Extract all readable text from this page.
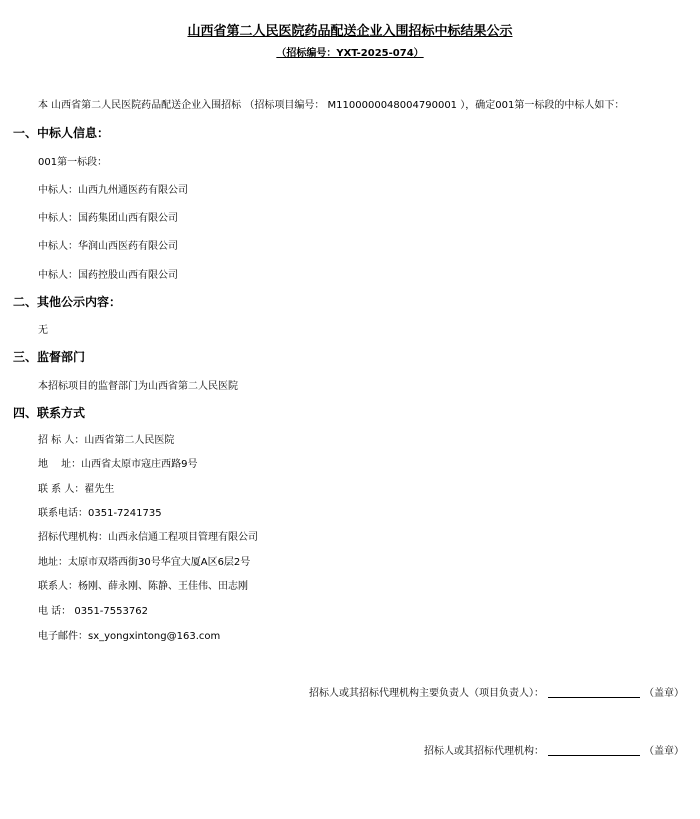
山西省第二人民医院药品配送企业入围招标中标结果公示
（招标编号：YXT-2025-074）
本 山西省第二人民医院药品配送企业入围招标 （招标项目编号： M1100000048004790001 ），确定001第一标段的中标人如下：
一、中标人信息：
001第一标段：
中标人：山西九州通医药有限公司
中标人：国药集团山西有限公司
中标人：华润山西医药有限公司
中标人：国药控股山西有限公司
二、其他公示内容：
无
三、监督部门
本招标项目的监督部门为山西省第二人民医院
四、联系方式
招 标 人：山西省第二人民医院
地　 址：山西省太原市寇庄西路9号
联 系 人：翟先生
联系电话：0351-7241735
招标代理机构：山西永信通工程项目管理有限公司
地址：太原市双塔西街30号华宜大厦A区6层2号
联系人：杨刚、薛永刚、陈静、王佳伟、田志刚
电 话： 0351-7553762
电子邮件：sx_yongxintong@163.com
招标人或其招标代理机构主要负责人（项目负责人）：	（盖章）
招标人或其招标代理机构：	（盖章）
